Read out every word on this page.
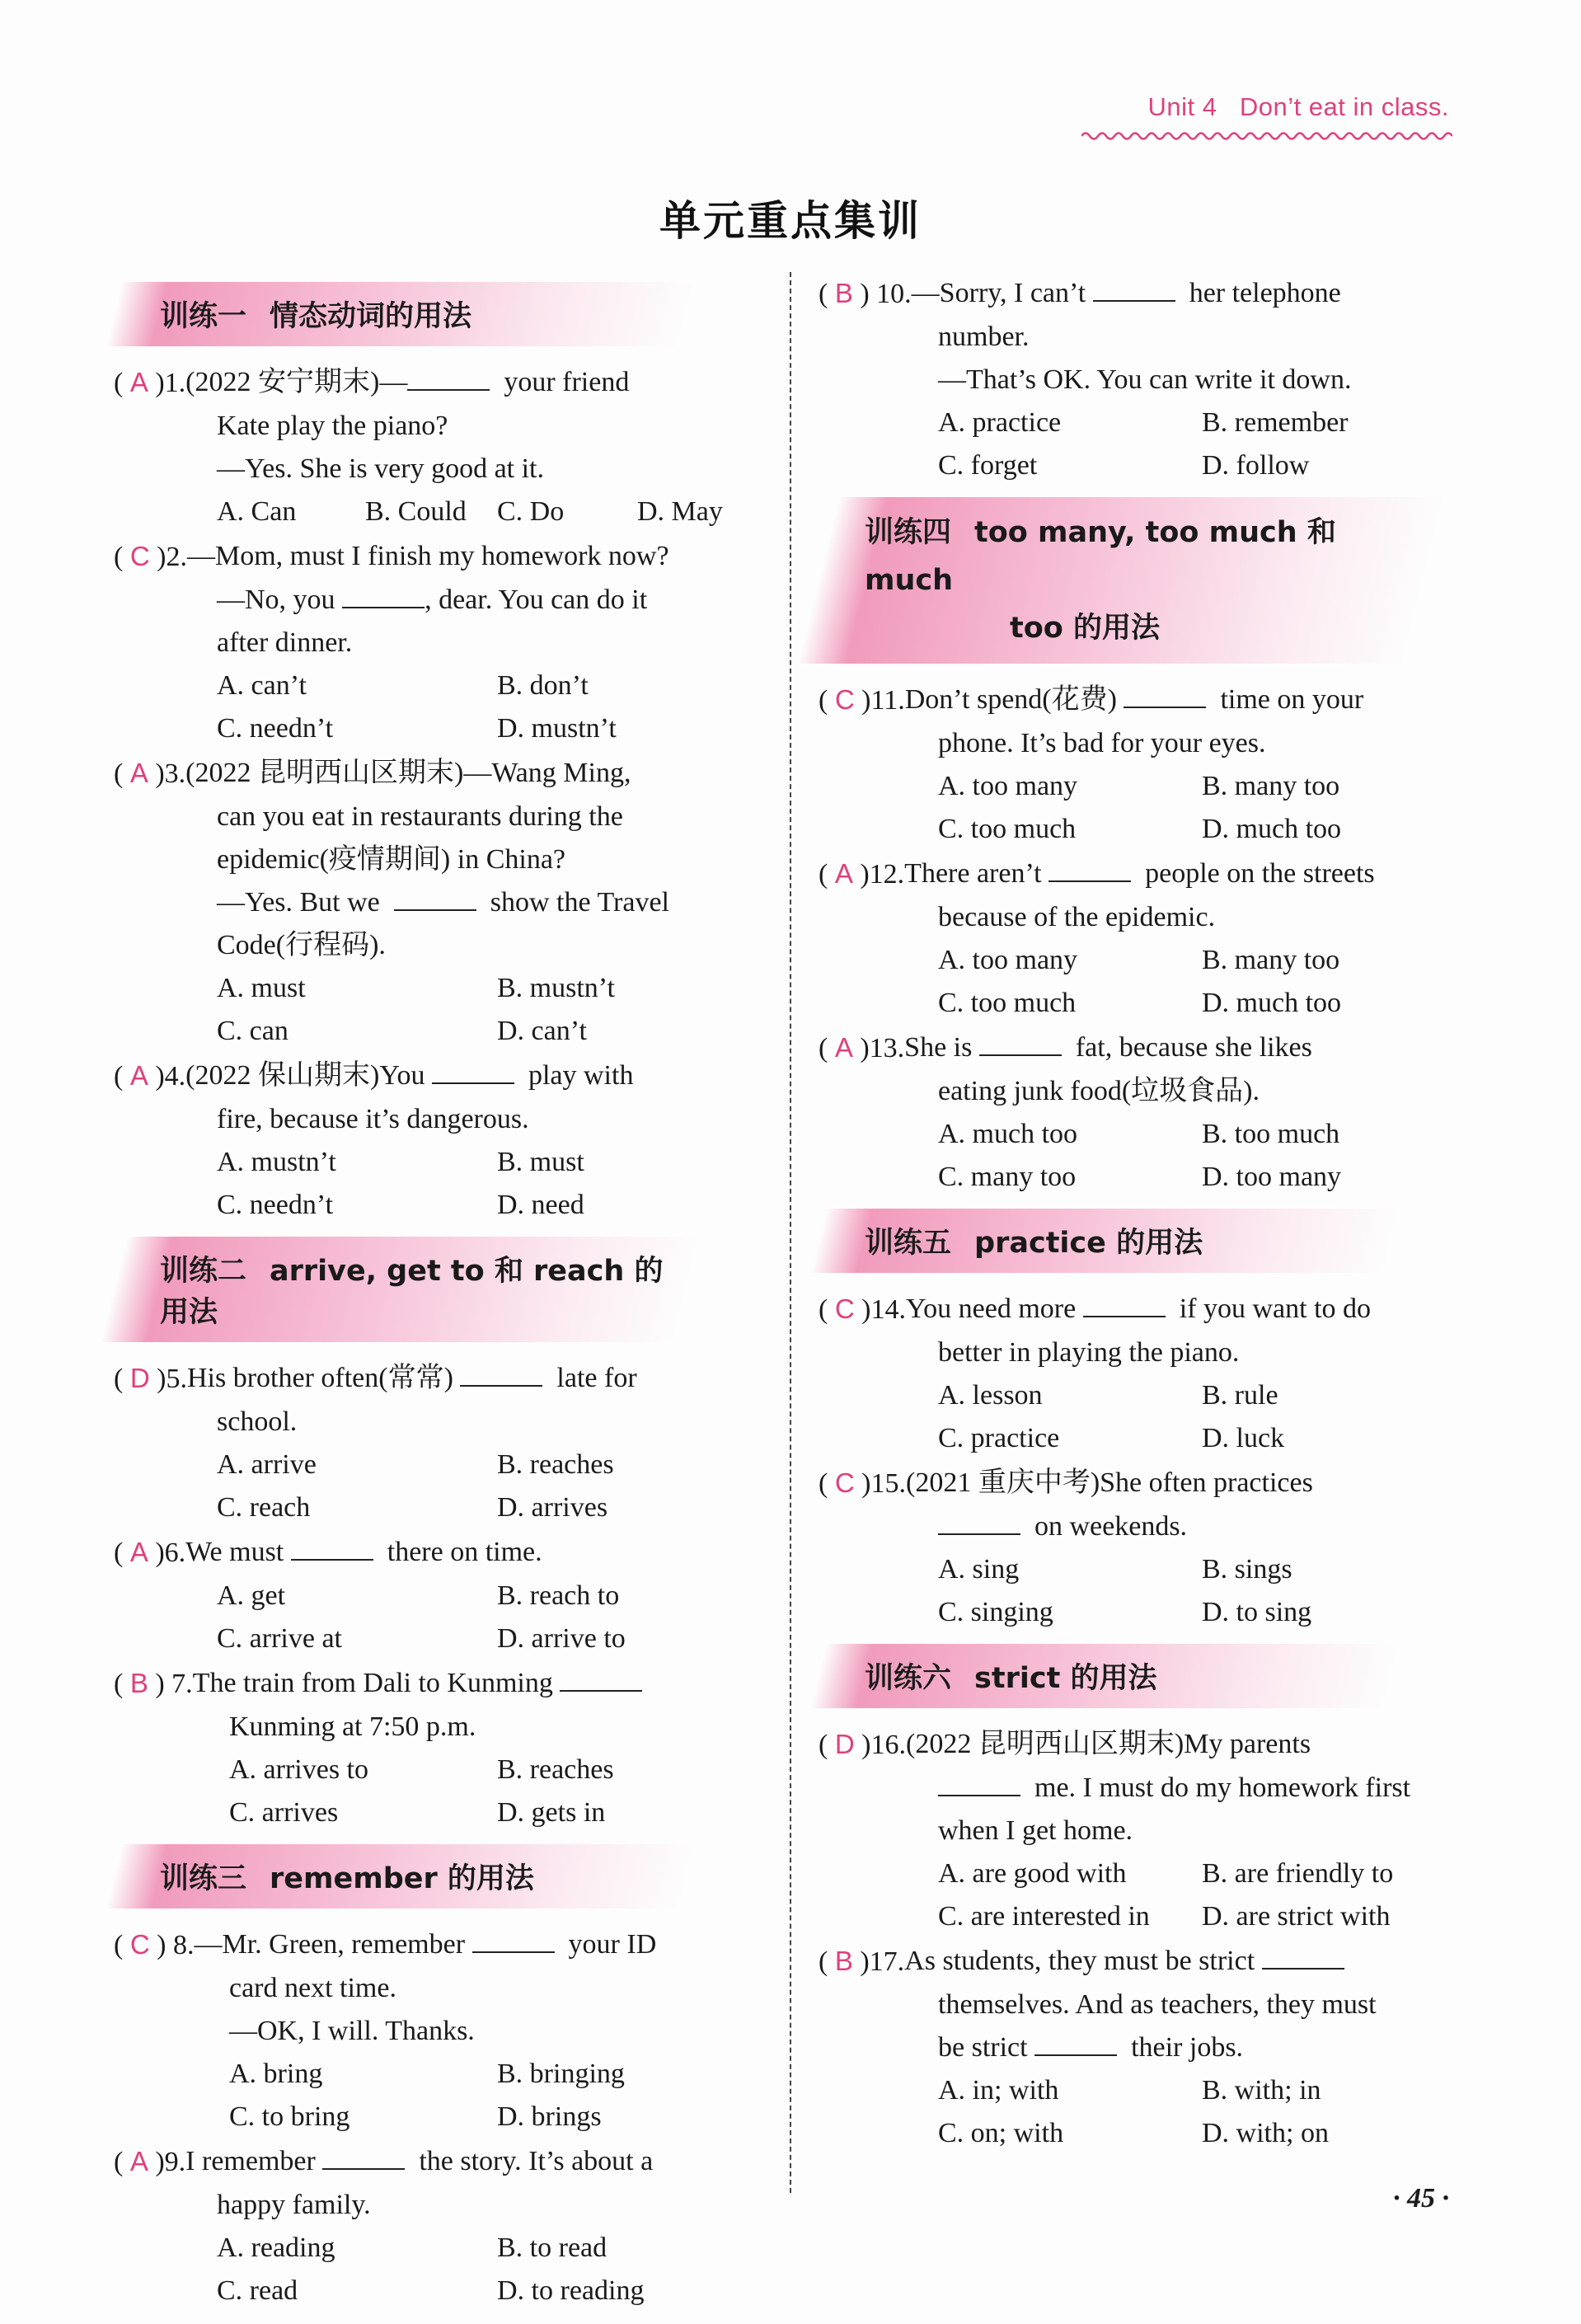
Unit 4 Don’t eat in class.
单元重点集训
训练一 情态动词的用法
( A )1. (2022 安宁期末)—	your friend
Kate play the piano?
—Yes. She is very good at it.
A. Can	B. Could	C. Do	D. May
( C )2. —Mom, must I finish my homework now?
—No, you	, dear. You can do it
after dinner.
A. can’t	B. don’t
C. needn’t	D. mustn’t
( A )3. (2022 昆明西山区期末)—Wang Ming,
can you eat in restaurants during the
epidemic(疫情期间) in China?
—Yes. But we	show the Travel
Code(行程码).
A. must	B. mustn’t
C. can	D. can’t
( A )4. (2022 保山期末)You	play with
fire, because it’s dangerous.
A. mustn’t	B. must
C. needn’t	D. need
训练二 arrive, get to 和 reach 的用法
( D )5. His brother often(常常)	late for
school.
A. arrive	B. reaches
C. reach	D. arrives
( A )6. We must	there on time.
A. get	B. reach to
C. arrive at	D. arrive to
( B ) 7. The train from Dali to Kunming
Kunming at 7:50 p.m.
A. arrives to	B. reaches
C. arrives	D. gets in
训练三 remember 的用法
( C ) 8. —Mr. Green, remember	your ID
card next time.
—OK, I will. Thanks.
A. bring	B. bringing
C. to bring	D. brings
( A )9. I remember	the story. It’s about a
happy family.
A. reading	B. to read
C. read	D. to reading
( B ) 10. —Sorry, I can’t	her telephone
number.
—That’s OK. You can write it down.
A. practice	B. remember
C. forget	D. follow
训练四 too many, too much 和 much
too 的用法
( C )11. Don’t spend(花费)	time on your
phone. It’s bad for your eyes.
A. too many	B. many too
C. too much	D. much too
( A )12. There aren’t	people on the streets
because of the epidemic.
A. too many	B. many too
C. too much	D. much too
( A )13. She is	fat, because she likes
eating junk food(垃圾食品).
A. much too	B. too much
C. many too	D. too many
训练五 practice 的用法
( C )14. You need more	if you want to do
better in playing the piano.
A. lesson	B. rule
C. practice	D. luck
( C )15. (2021 重庆中考)She often practices
on weekends.
A. sing	B. sings
C. singing	D. to sing
训练六 strict 的用法
( D )16. (2022 昆明西山区期末)My parents
me. I must do my homework first
when I get home.
A. are good with	B. are friendly to
C. are interested in	D. are strict with
( B )17. As students, they must be strict
themselves. And as teachers, they must
be strict	their jobs.
A. in; with	B. with; in
C. on; with	D. with; on
· 45 ·
